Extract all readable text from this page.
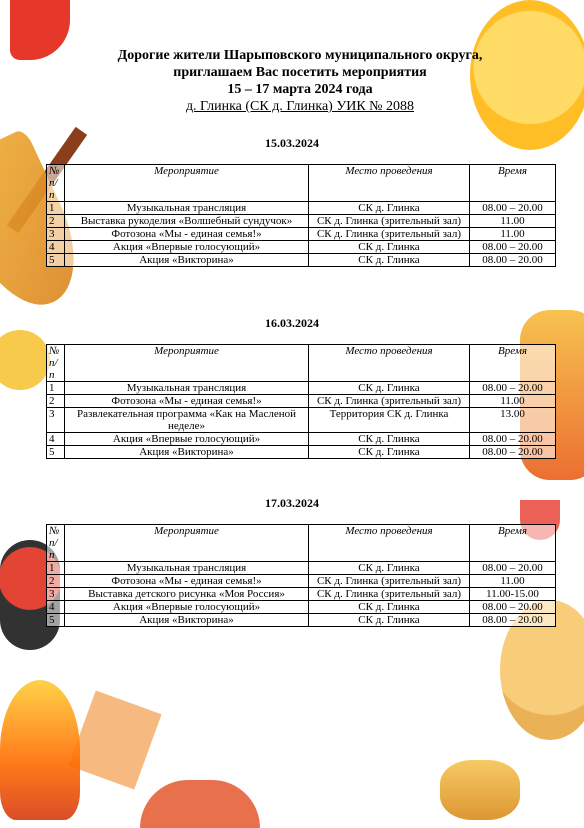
Дорогие жители Шарыповского муниципального округа,
приглашаем Вас посетить мероприятия
15 – 17 марта 2024 года
д. Глинка (СК д. Глинка) УИК № 2088
15.03.2024
№ п/п	Мероприятие	Место проведения	Время
1	Музыкальная трансляция	СК д. Глинка	08.00 – 20.00
2	Выставка рукоделия «Волшебный сундучок»	СК д. Глинка (зрительный зал)	11.00
3	Фотозона «Мы - единая семья!»	СК д. Глинка (зрительный зал)	11.00
4	Акция «Впервые голосующий»	СК д. Глинка	08.00 – 20.00
5	Акция «Викторина»	СК д. Глинка	08.00 – 20.00
16.03.2024
№ п/п	Мероприятие	Место проведения	Время
1	Музыкальная трансляция	СК д. Глинка	08.00 – 20.00
2	Фотозона «Мы - единая семья!»	СК д. Глинка (зрительный зал)	11.00
3	Развлекательная программа «Как на Масленой неделе»	Территория СК д. Глинка	13.00
4	Акция «Впервые голосующий»	СК д. Глинка	08.00 – 20.00
5	Акция «Викторина»	СК д. Глинка	08.00 – 20.00
17.03.2024
№ п/п	Мероприятие	Место проведения	Время
1	Музыкальная трансляция	СК д. Глинка	08.00 – 20.00
2	Фотозона «Мы - единая семья!»	СК д. Глинка (зрительный зал)	11.00
3	Выставка детского рисунка «Моя Россия»	СК д. Глинка (зрительный зал)	11.00-15.00
4	Акция «Впервые голосующий»	СК д. Глинка	08.00 – 20.00
5	Акция «Викторина»	СК д. Глинка	08.00 – 20.00
